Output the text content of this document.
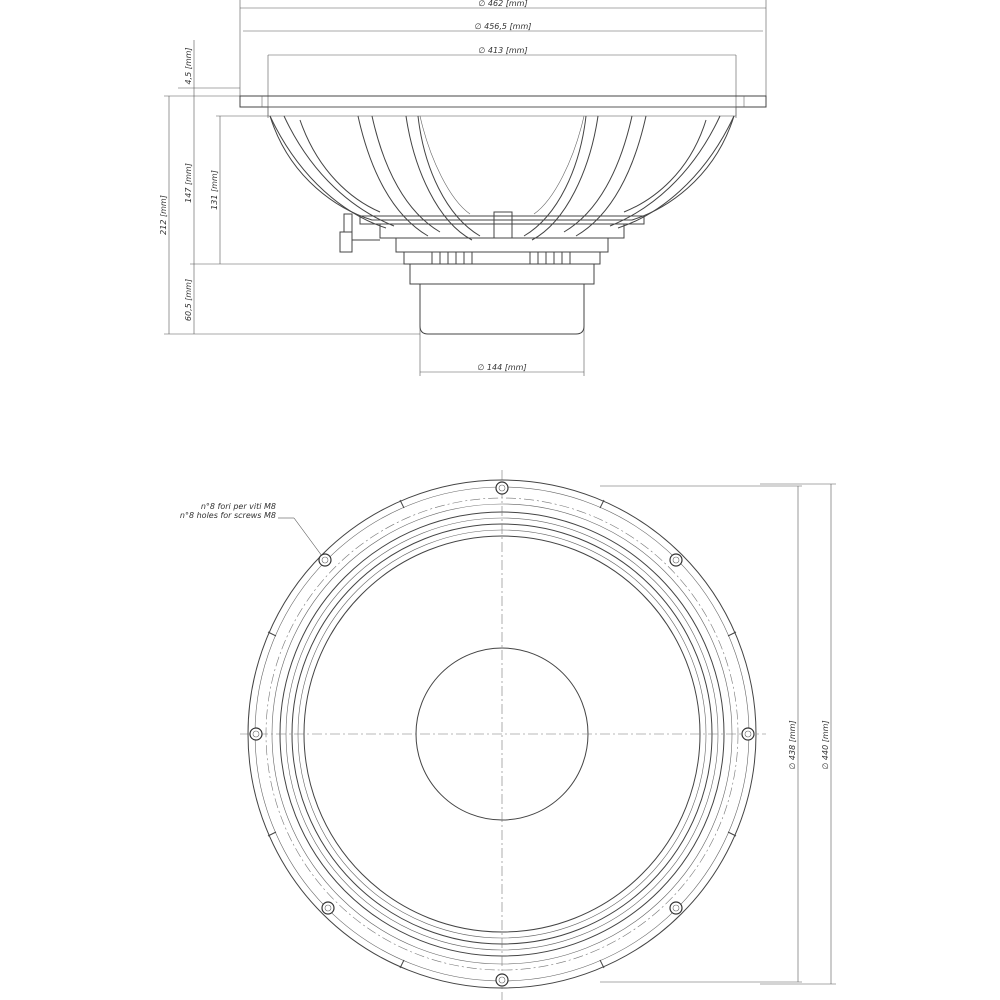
∅ 462 [mm]
∅ 456,5 [mm]
∅ 413 [mm]
4,5 [mm]
212 [mm]
147 [mm] 131 [mm]
60,5 [mm]
∅ 144 [mm]
n°8 fori per viti M8
n°8 holes for screws M8
∅ 438 [mm]	∅ 440 [mm]
